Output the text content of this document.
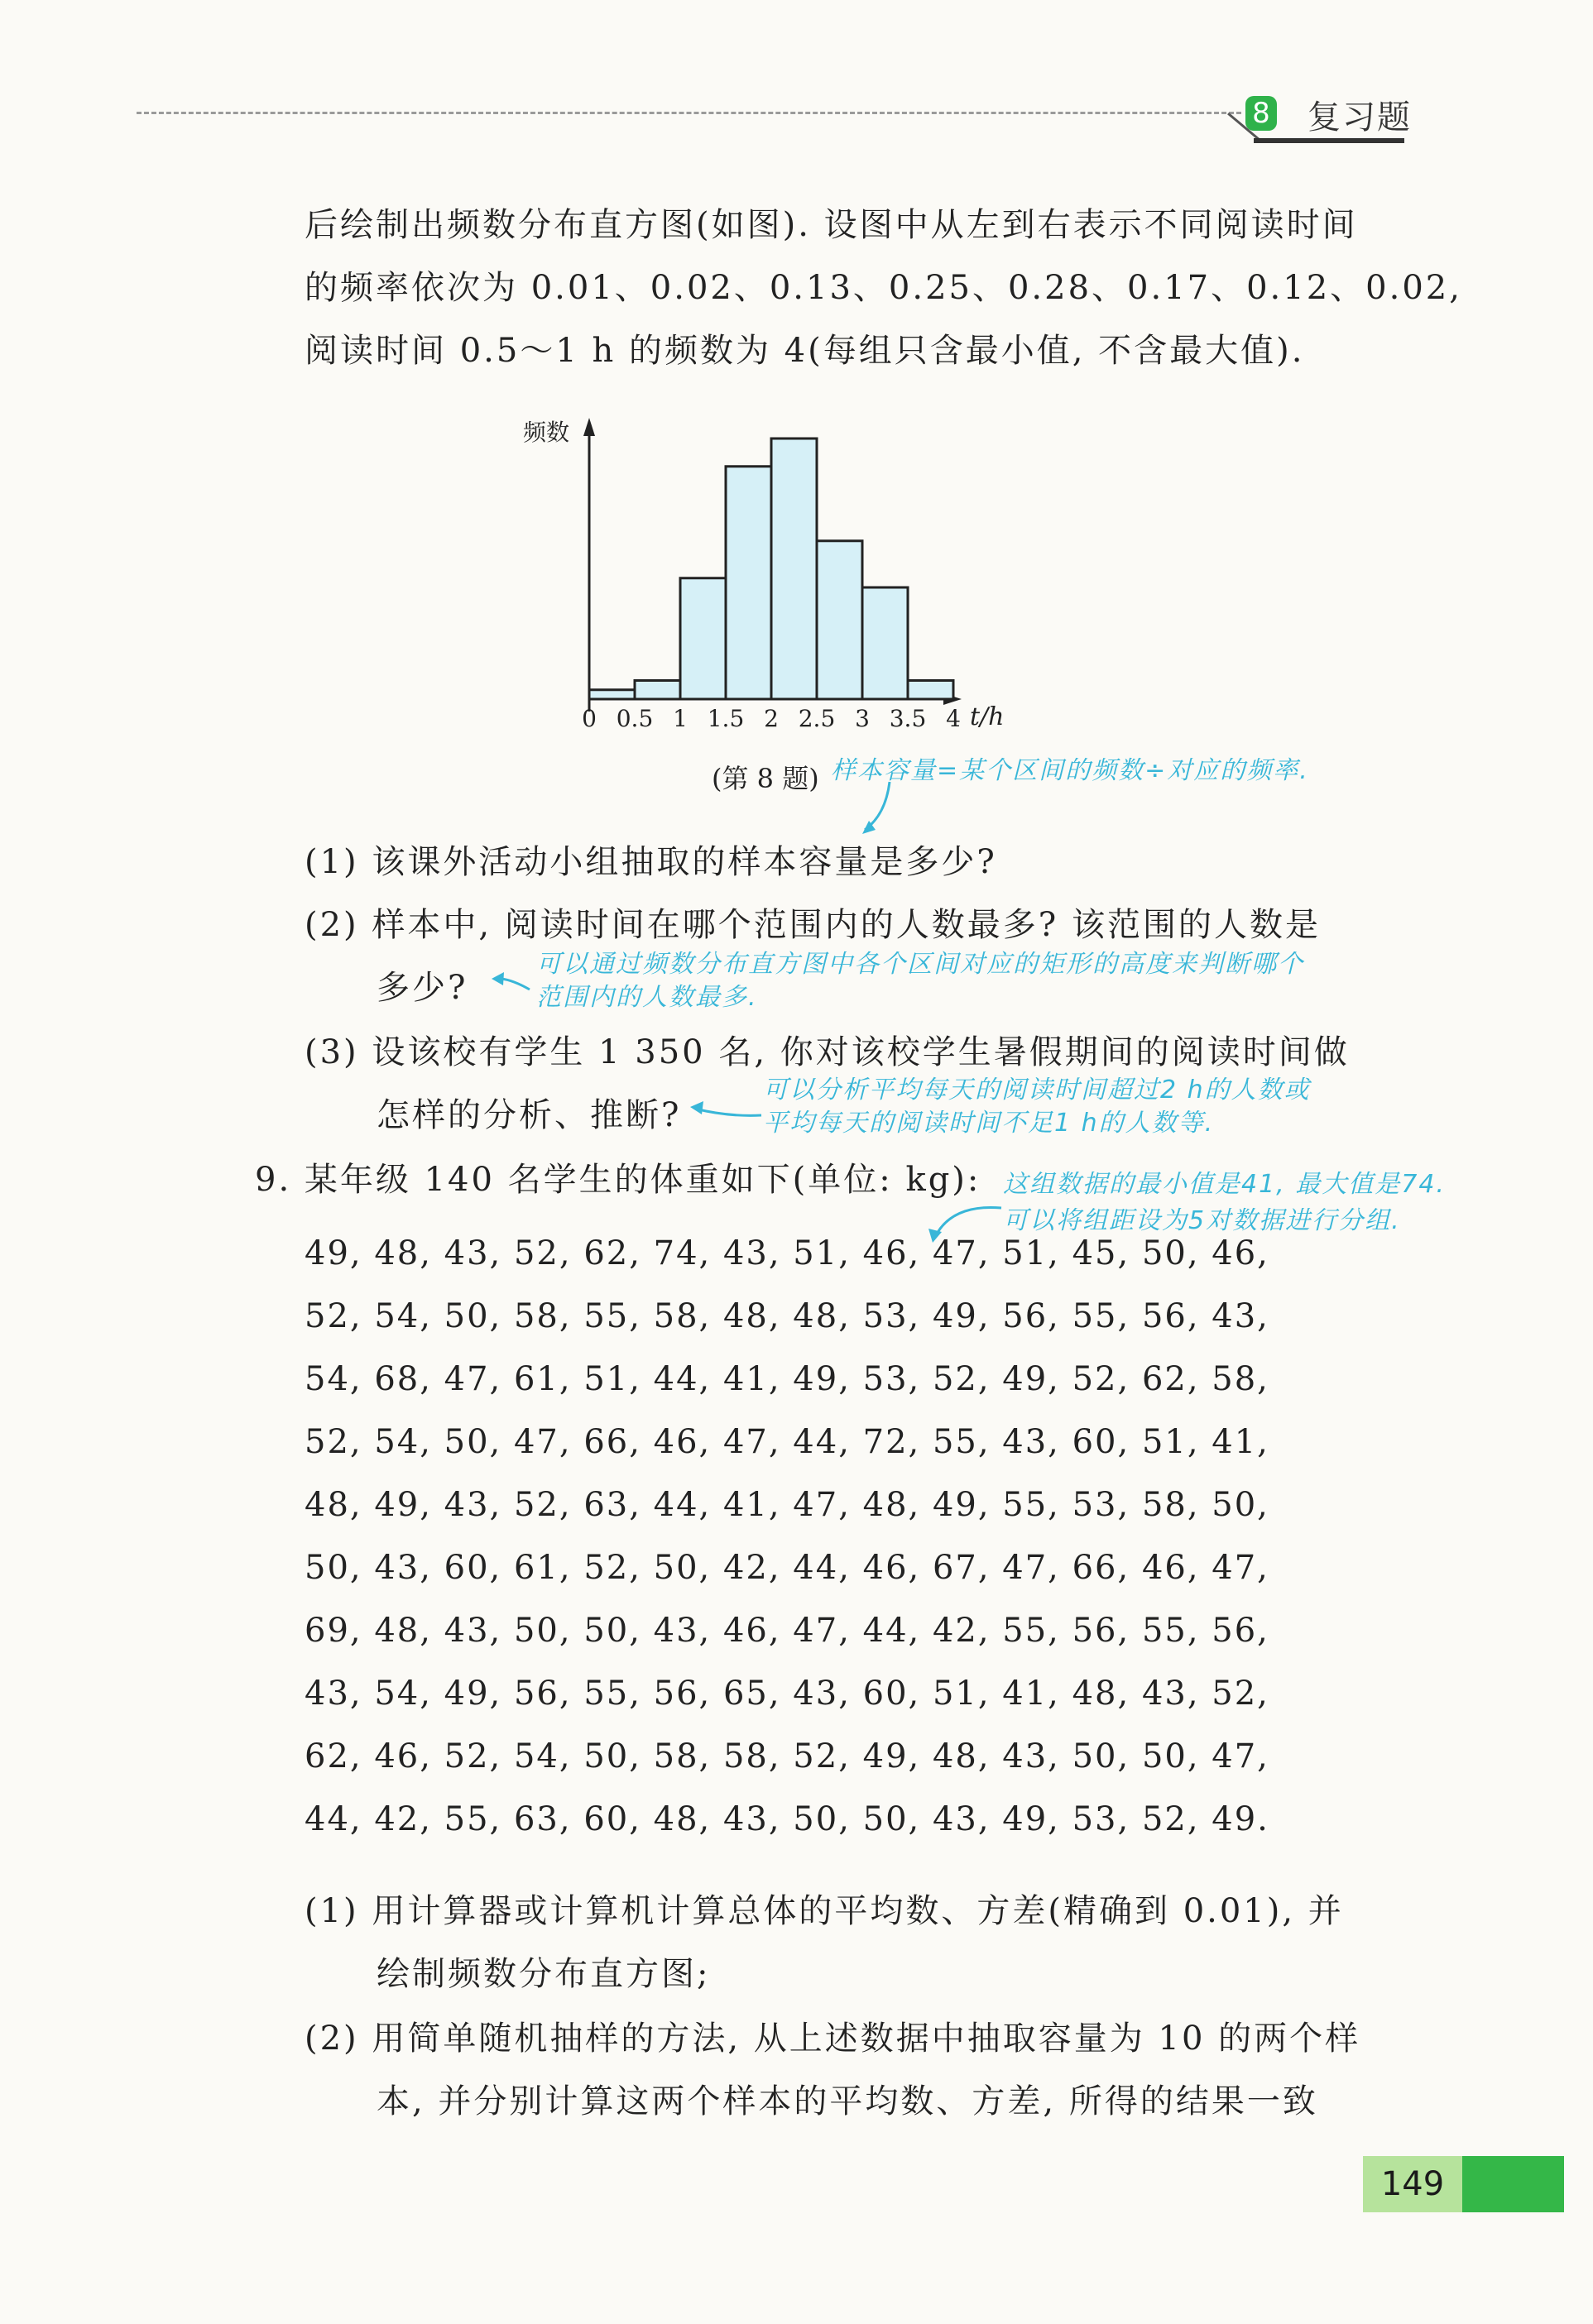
8 复习题
后绘制出频数分布直方图(如图). 设图中从左到右表示不同阅读时间
的频率依次为 0.01、0.02、0.13、0.25、0.28、0.17、0.12、0.02,
阅读时间 0.5～1 h 的频数为 4(每组只含最小值, 不含最大值).
频数
t/h
0 0.5 1 1.5 2 2.5 3 3.5 4
(第 8 题) 样本容量=某个区间的频数÷对应的频率.
(1) 该课外活动小组抽取的样本容量是多少?
(2) 样本中, 阅读时间在哪个范围内的人数最多? 该范围的人数是
多少?
可以通过频数分布直方图中各个区间对应的矩形的高度来判断哪个
范围内的人数最多.
(3) 设该校有学生 1 350 名, 你对该校学生暑假期间的阅读时间做
怎样的分析、推断?
可以分析平均每天的阅读时间超过2 h的人数或
平均每天的阅读时间不足1 h的人数等.
9. 某年级 140 名学生的体重如下(单位: kg): 这组数据的最小值是41, 最大值是74.
可以将组距设为5对数据进行分组.
49, 48, 43, 52, 62, 74, 43, 51, 46, 47, 51, 45, 50, 46,
52, 54, 50, 58, 55, 58, 48, 48, 53, 49, 56, 55, 56, 43,
54, 68, 47, 61, 51, 44, 41, 49, 53, 52, 49, 52, 62, 58,
52, 54, 50, 47, 66, 46, 47, 44, 72, 55, 43, 60, 51, 41,
48, 49, 43, 52, 63, 44, 41, 47, 48, 49, 55, 53, 58, 50,
50, 43, 60, 61, 52, 50, 42, 44, 46, 67, 47, 66, 46, 47,
69, 48, 43, 50, 50, 43, 46, 47, 44, 42, 55, 56, 55, 56,
43, 54, 49, 56, 55, 56, 65, 43, 60, 51, 41, 48, 43, 52,
62, 46, 52, 54, 50, 58, 58, 52, 49, 48, 43, 50, 50, 47,
44, 42, 55, 63, 60, 48, 43, 50, 50, 43, 49, 53, 52, 49.
(1) 用计算器或计算机计算总体的平均数、方差(精确到 0.01), 并
绘制频数分布直方图;
(2) 用简单随机抽样的方法, 从上述数据中抽取容量为 10 的两个样
本, 并分别计算这两个样本的平均数、方差, 所得的结果一致
149
